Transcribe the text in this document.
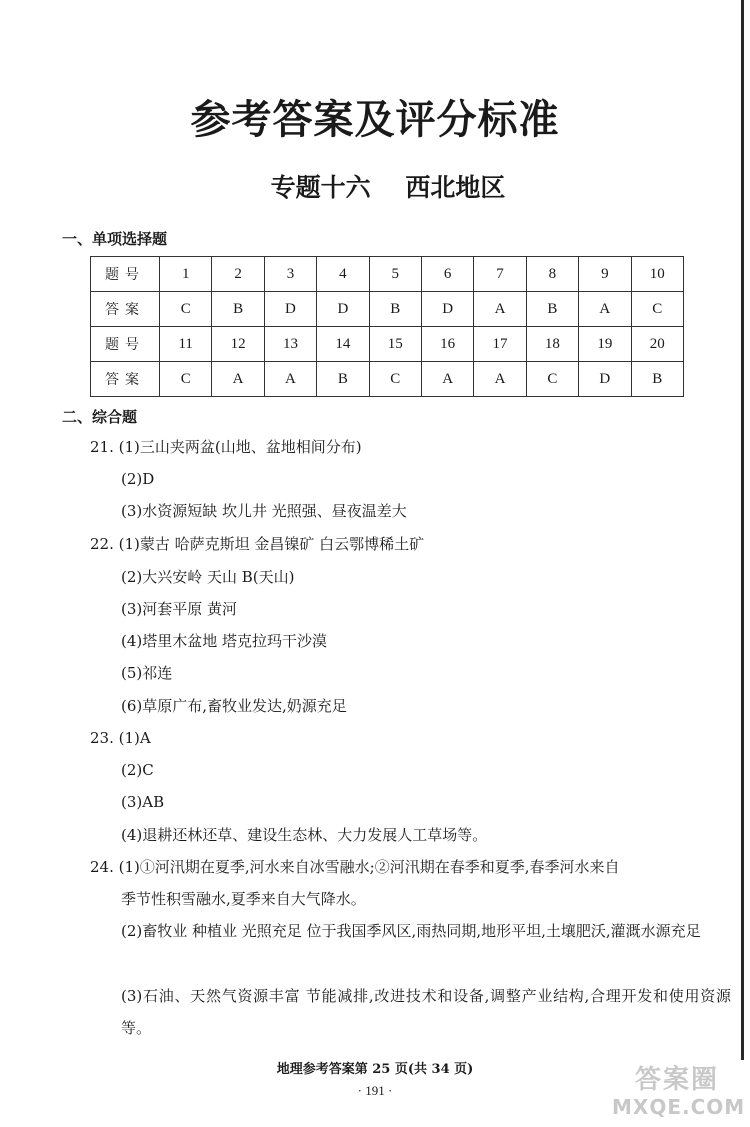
参考答案及评分标准
专题十六    西北地区
一、单项选择题
题号	1	2	3	4	5	6	7	8	9	10
答案	C	B	D	D	B	D	A	B	A	C
题号	11	12	13	14	15	16	17	18	19	20
答案	C	A	A	B	C	A	A	C	D	B
二、综合题
21. (1)三山夹两盆(山地、盆地相间分布)
(2)D
(3)水资源短缺 坎儿井 光照强、昼夜温差大
22. (1)蒙古 哈萨克斯坦 金昌镍矿 白云鄂博稀土矿
(2)大兴安岭 天山 B(天山)
(3)河套平原 黄河
(4)塔里木盆地 塔克拉玛干沙漠
(5)祁连
(6)草原广布,畜牧业发达,奶源充足
23. (1)A
(2)C
(3)AB
(4)退耕还林还草、建设生态林、大力发展人工草场等。
24. (1)①河汛期在夏季,河水来自冰雪融水;②河汛期在春季和夏季,春季河水来自
季节性积雪融水,夏季来自大气降水。
(2)畜牧业 种植业 光照充足 位于我国季风区,雨热同期,地形平坦,土壤肥沃,灌溉水源充足
(3)石油、天然气资源丰富 节能减排,改进技术和设备,调整产业结构,合理开发和使用资源等。
地理参考答案第 25 页(共 34 页)
· 191 ·	答案圈
MXQE.COM
